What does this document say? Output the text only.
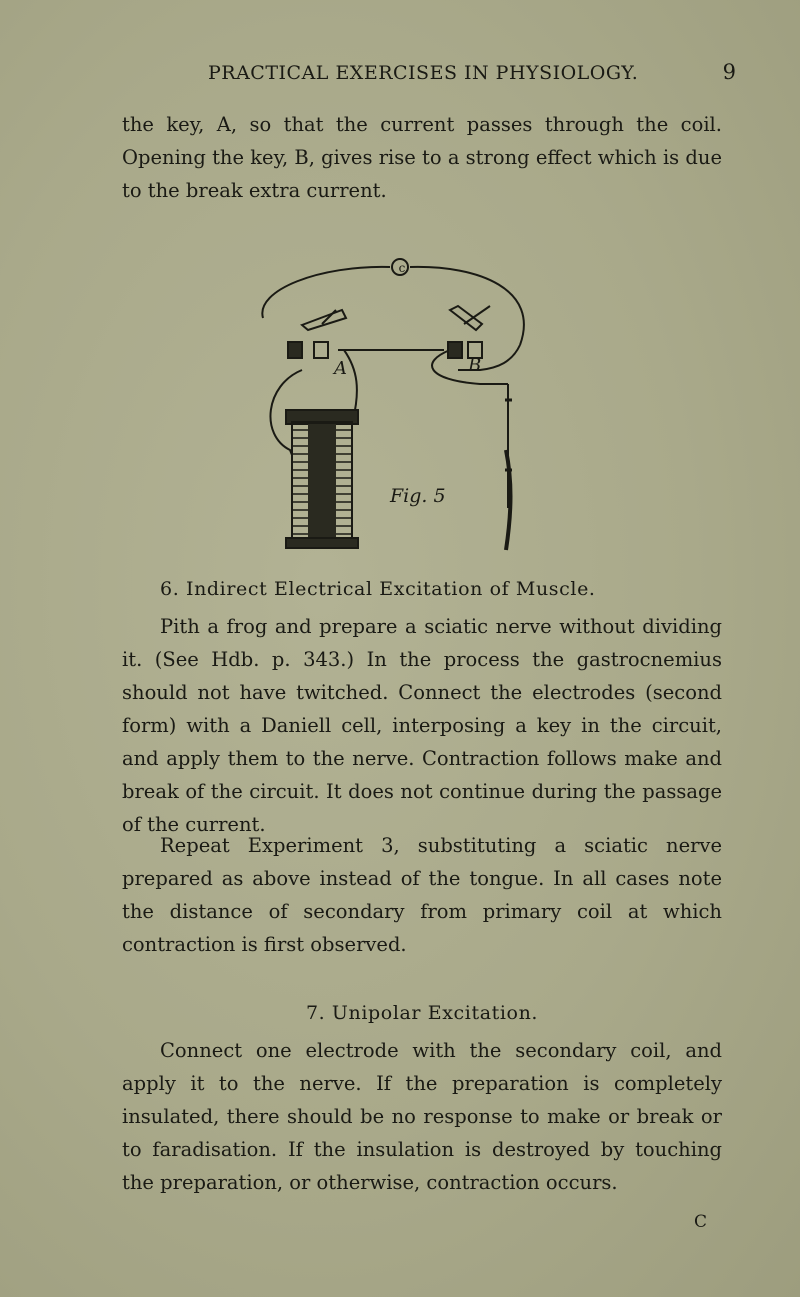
PRACTICAL EXERCISES IN PHYSIOLOGY.	9

the key, A, so that the current passes through the coil. Opening the key, B, gives rise to a strong effect which is due to the break extra current.

A	B
c
Fig. 5
6. Indirect Electrical Excitation of Muscle.

Pith a frog and prepare a sciatic nerve without dividing it. (See Hdb. p. 343.) In the process the gastrocnemius should not have twitched. Connect the electrodes (second form) with a Daniell cell, interposing a key in the circuit, and apply them to the nerve. Contraction follows make and break of the circuit. It does not continue during the passage of the current.

Repeat Experiment 3, substituting a sciatic nerve prepared as above instead of the tongue. In all cases note the distance of secondary from primary coil at which contraction is first observed.

7. Unipolar Excitation.

Connect one electrode with the secondary coil, and apply it to the nerve. If the preparation is completely insulated, there should be no response to make or break or to faradisation. If the insulation is destroyed by touching the preparation, or otherwise, contraction occurs.

C
